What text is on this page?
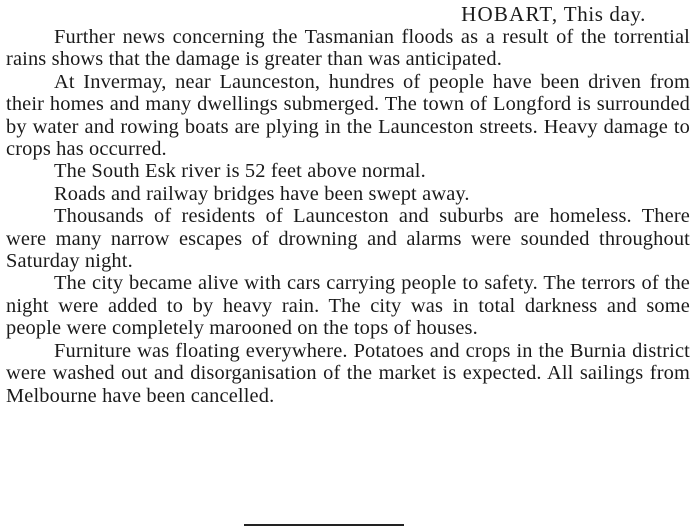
HOBART, This day.

Further news concerning the Tasmanian floods as a result of the torrential rains shows that the damage is greater than was anticipated.

At Invermay, near Launceston, hundres of people have been driven from their homes and many dwellings submerged. The town of Longford is surrounded by water and rowing boats are plying in the Launceston streets. Heavy damage to crops has occurred.

The South Esk river is 52 feet above normal.

Roads and railway bridges have been swept away.

Thousands of residents of Launceston and suburbs are homeless. There were many narrow escapes of drowning and alarms were sounded throughout Saturday night.

The city became alive with cars carrying people to safety. The terrors of the night were added to by heavy rain. The city was in total darkness and some people were completely marooned on the tops of houses.

Furniture was floating everywhere. Potatoes and crops in the Burnia district were washed out and disorganisation of the market is expected. All sailings from Melbourne have been cancelled.
